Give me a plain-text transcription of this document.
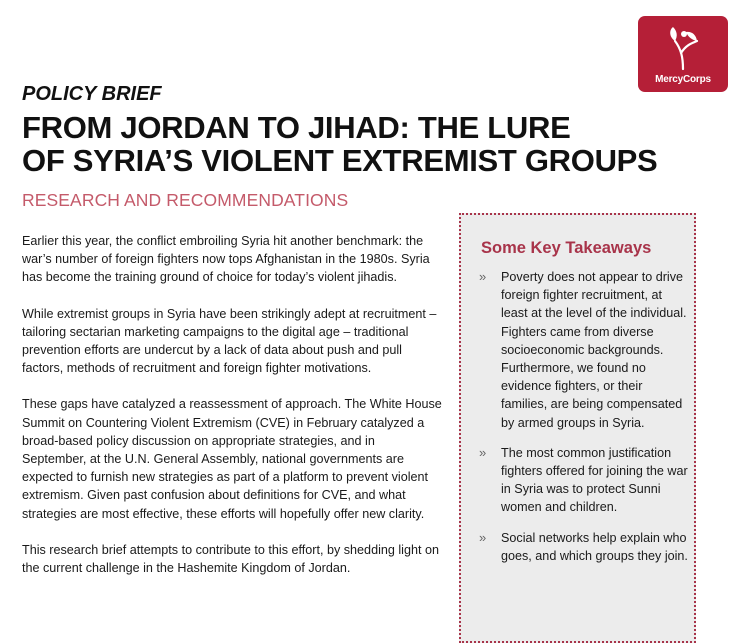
MercyCorps
POLICY BRIEF
FROM JORDAN TO JIHAD: THE LURE
OF SYRIA’S VIOLENT EXTREMIST GROUPS
RESEARCH AND RECOMMENDATIONS

Earlier this year, the conflict embroiling Syria hit another benchmark: the war’s number of foreign fighters now tops Afghanistan in the 1980s. Syria has become the training ground of choice for today’s violent jihadis.

While extremist groups in Syria have been strikingly adept at recruitment – tailoring sectarian marketing campaigns to the digital age – traditional prevention efforts are undercut by a lack of data about push and pull factors, methods of recruitment and foreign fighter motivations.

These gaps have catalyzed a reassessment of approach. The White House Summit on Countering Violent Extremism (CVE) in February catalyzed a broad-based policy discussion on appropriate strategies, and in September, at the U.N. General Assembly, national governments are expected to furnish new strategies as part of a platform to prevent violent extremism. Given past confusion about definitions for CVE, and what strategies are most effective, these efforts will hopefully offer new clarity.

This research brief attempts to contribute to this effort, by shedding light on the current challenge in the Hashemite Kingdom of Jordan.

Some Key Takeaways
» Poverty does not appear to drive foreign fighter recruitment, at least at the level of the individual. Fighters came from diverse socioeconomic backgrounds. Furthermore, we found no evidence fighters, or their families, are being compensated by armed groups in Syria.
» The most common justification fighters offered for joining the war in Syria was to protect Sunni women and children.
» Social networks help explain who goes, and which groups they join.
